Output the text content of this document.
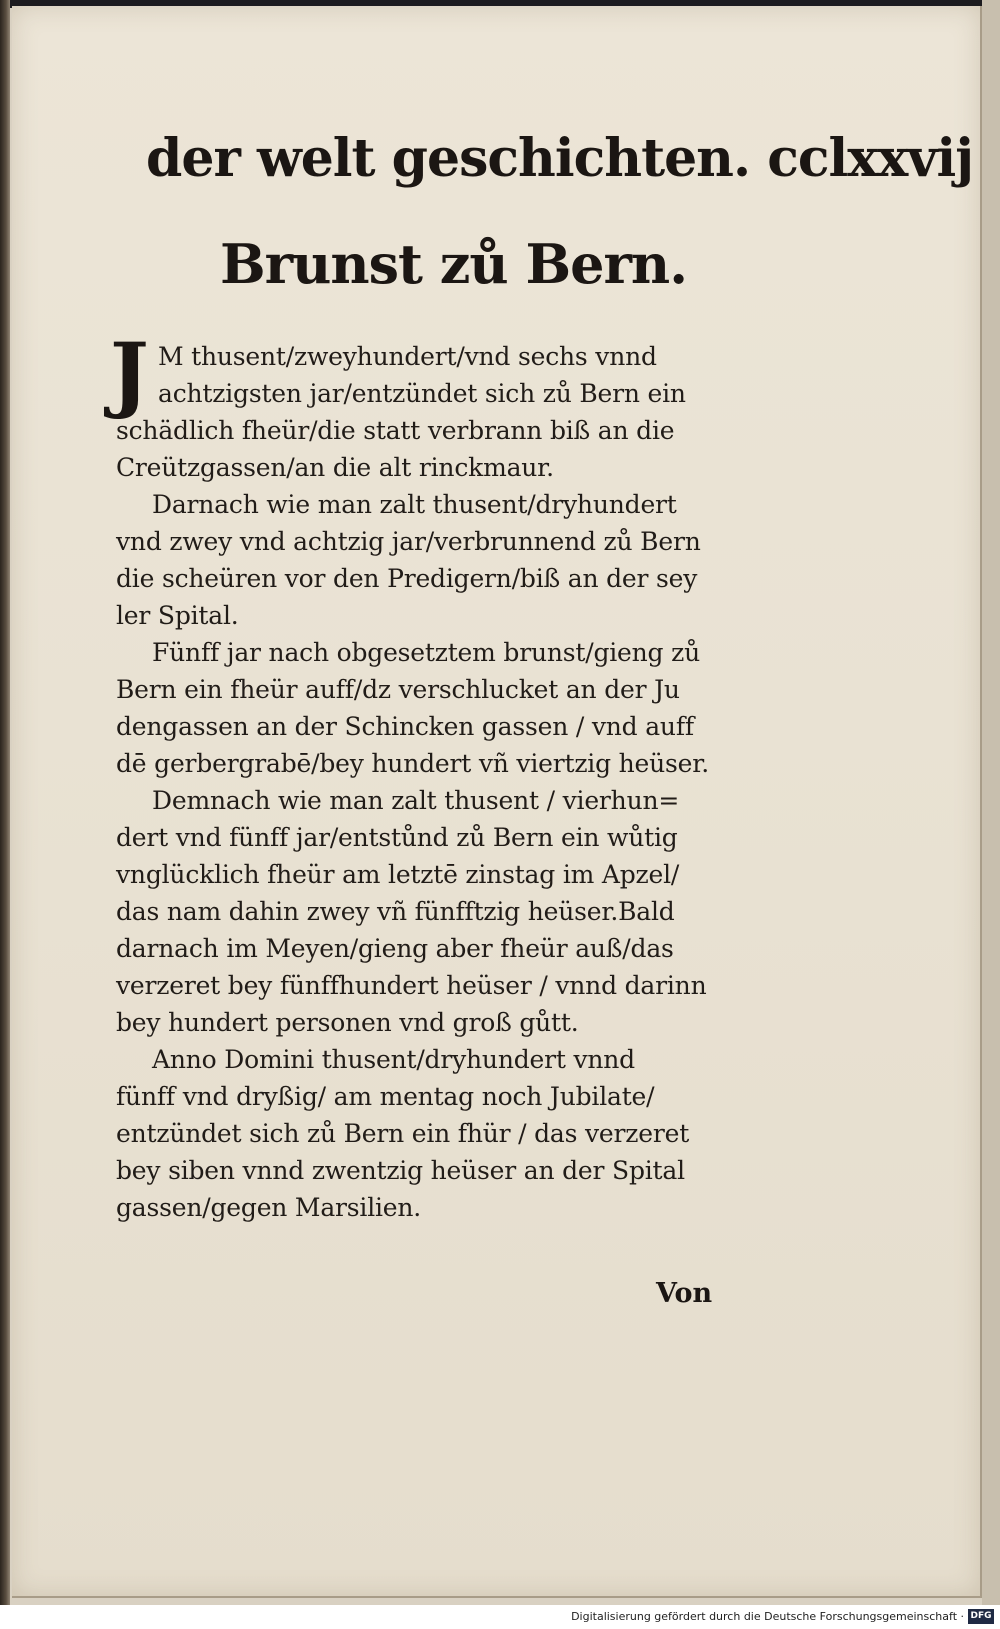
der welt geschichten. cclxxvij
Brunst zů Bern.
J M thusent/zweyhundert/vnd sechs vnnd
achtzigsten jar/entzündet sich zů Bern ein
schädlich fheür/die statt verbrann biß an die
Creützgassen/an die alt rinckmaur.
Darnach wie man zalt thusent/dryhundert
vnd zwey vnd achtzig jar/verbrunnend zů Bern
die scheüren vor den Predigern/biß an der sey
ler Spital.
Fünff jar nach obgesetztem brunst/gieng zů
Bern ein fheür auff/dz verschlucket an der Ju
dengassen an der Schincken gassen / vnd auff
dē gerbergrabē/bey hundert vñ viertzig heüser.
Demnach wie man zalt thusent / vierhun=
dert vnd fünff jar/entstůnd zů Bern ein wůtig
vnglücklich fheür am letztē zinstag im Apzel/
das nam dahin zwey vñ fünfftzig heüser.Bald
darnach im Meyen/gieng aber fheür auß/das
verzeret bey fünffhundert heüser / vnnd darinn
bey hundert personen vnd groß gůtt.
Anno Domini thusent/dryhundert vnnd
fünff vnd dryßig/ am mentag noch Jubilate/
entzündet sich zů Bern ein fhür / das verzeret
bey siben vnnd zwentzig heüser an der Spital
gassen/gegen Marsilien.
Von
Digitalisierung gefördert durch die Deutsche Forschungsgemeinschaft · DFG
